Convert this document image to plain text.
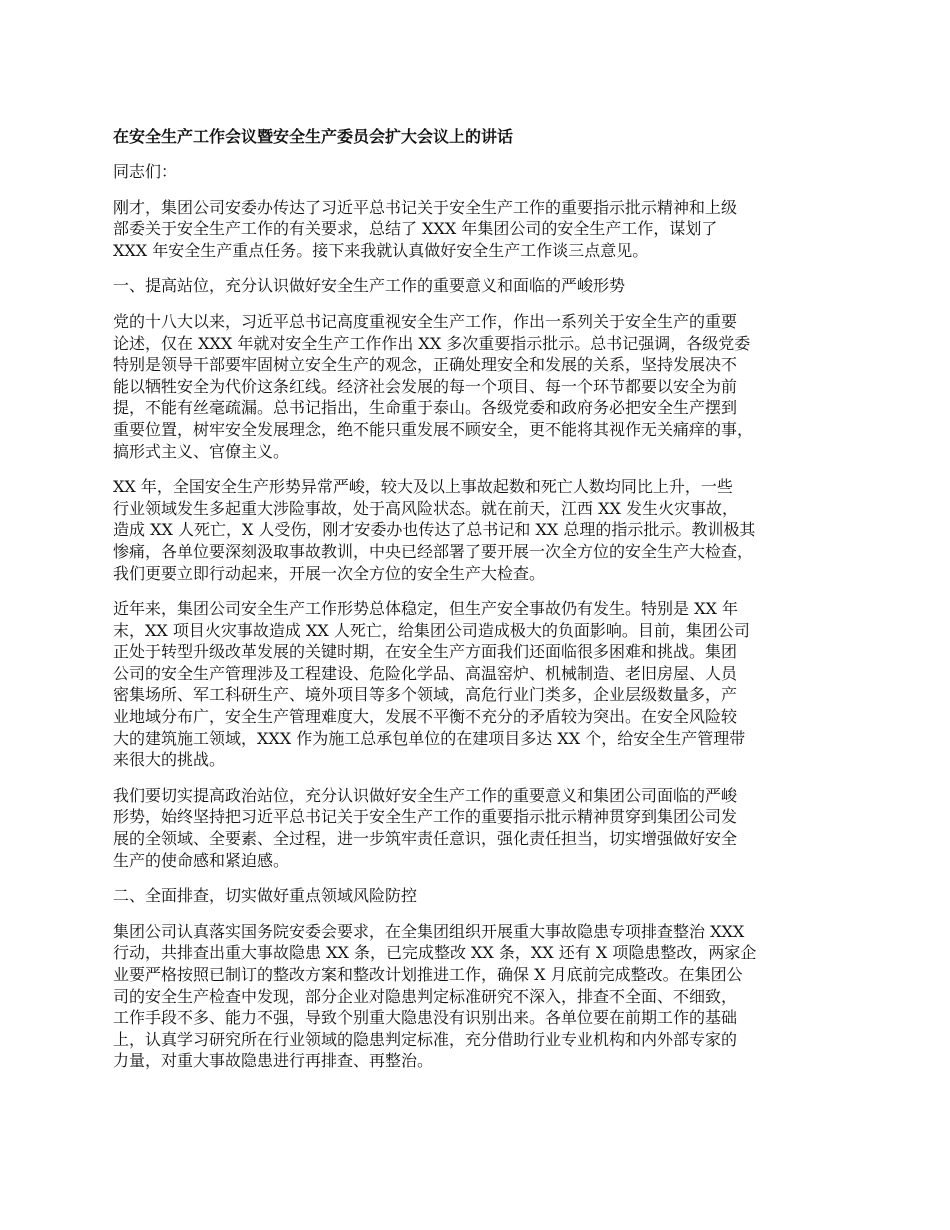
在安全生产工作会议暨安全生产委员会扩大会议上的讲话

同志们：

刚才，集团公司安委办传达了习近平总书记关于安全生产工作的重要指示批示精神和上级
部委关于安全生产工作的有关要求，总结了 XXX 年集团公司的安全生产工作，谋划了
XXX 年安全生产重点任务。接下来我就认真做好安全生产工作谈三点意见。

一、提高站位，充分认识做好安全生产工作的重要意义和面临的严峻形势

党的十八大以来，习近平总书记高度重视安全生产工作，作出一系列关于安全生产的重要
论述，仅在 XXX 年就对安全生产工作作出 XX 多次重要指示批示。总书记强调，各级党委
特别是领导干部要牢固树立安全生产的观念，正确处理安全和发展的关系，坚持发展决不
能以牺牲安全为代价这条红线。经济社会发展的每一个项目、每一个环节都要以安全为前
提，不能有丝毫疏漏。总书记指出，生命重于泰山。各级党委和政府务必把安全生产摆到
重要位置，树牢安全发展理念，绝不能只重发展不顾安全，更不能将其视作无关痛痒的事，
搞形式主义、官僚主义。

XX 年，全国安全生产形势异常严峻，较大及以上事故起数和死亡人数均同比上升，一些
行业领域发生多起重大涉险事故，处于高风险状态。就在前天，江西 XX 发生火灾事故，
造成 XX 人死亡，X 人受伤，刚才安委办也传达了总书记和 XX 总理的指示批示。教训极其
惨痛，各单位要深刻汲取事故教训，中央已经部署了要开展一次全方位的安全生产大检查，
我们更要立即行动起来，开展一次全方位的安全生产大检查。

近年来，集团公司安全生产工作形势总体稳定，但生产安全事故仍有发生。特别是 XX 年
末，XX 项目火灾事故造成 XX 人死亡，给集团公司造成极大的负面影响。目前，集团公司
正处于转型升级改革发展的关键时期，在安全生产方面我们还面临很多困难和挑战。集团
公司的安全生产管理涉及工程建设、危险化学品、高温窑炉、机械制造、老旧房屋、人员
密集场所、军工科研生产、境外项目等多个领域，高危行业门类多，企业层级数量多，产
业地域分布广，安全生产管理难度大，发展不平衡不充分的矛盾较为突出。在安全风险较
大的建筑施工领域，XXX 作为施工总承包单位的在建项目多达 XX 个，给安全生产管理带
来很大的挑战。

我们要切实提高政治站位，充分认识做好安全生产工作的重要意义和集团公司面临的严峻
形势，始终坚持把习近平总书记关于安全生产工作的重要指示批示精神贯穿到集团公司发
展的全领域、全要素、全过程，进一步筑牢责任意识，强化责任担当，切实增强做好安全
生产的使命感和紧迫感。

二、全面排查，切实做好重点领域风险防控

集团公司认真落实国务院安委会要求，在全集团组织开展重大事故隐患专项排查整治 XXX
行动，共排查出重大事故隐患 XX 条，已完成整改 XX 条，XX 还有 X 项隐患整改，两家企
业要严格按照已制订的整改方案和整改计划推进工作，确保 X 月底前完成整改。在集团公
司的安全生产检查中发现，部分企业对隐患判定标准研究不深入，排查不全面、不细致，
工作手段不多、能力不强，导致个别重大隐患没有识别出来。各单位要在前期工作的基础
上，认真学习研究所在行业领域的隐患判定标准，充分借助行业专业机构和内外部专家的
力量，对重大事故隐患进行再排查、再整治。
